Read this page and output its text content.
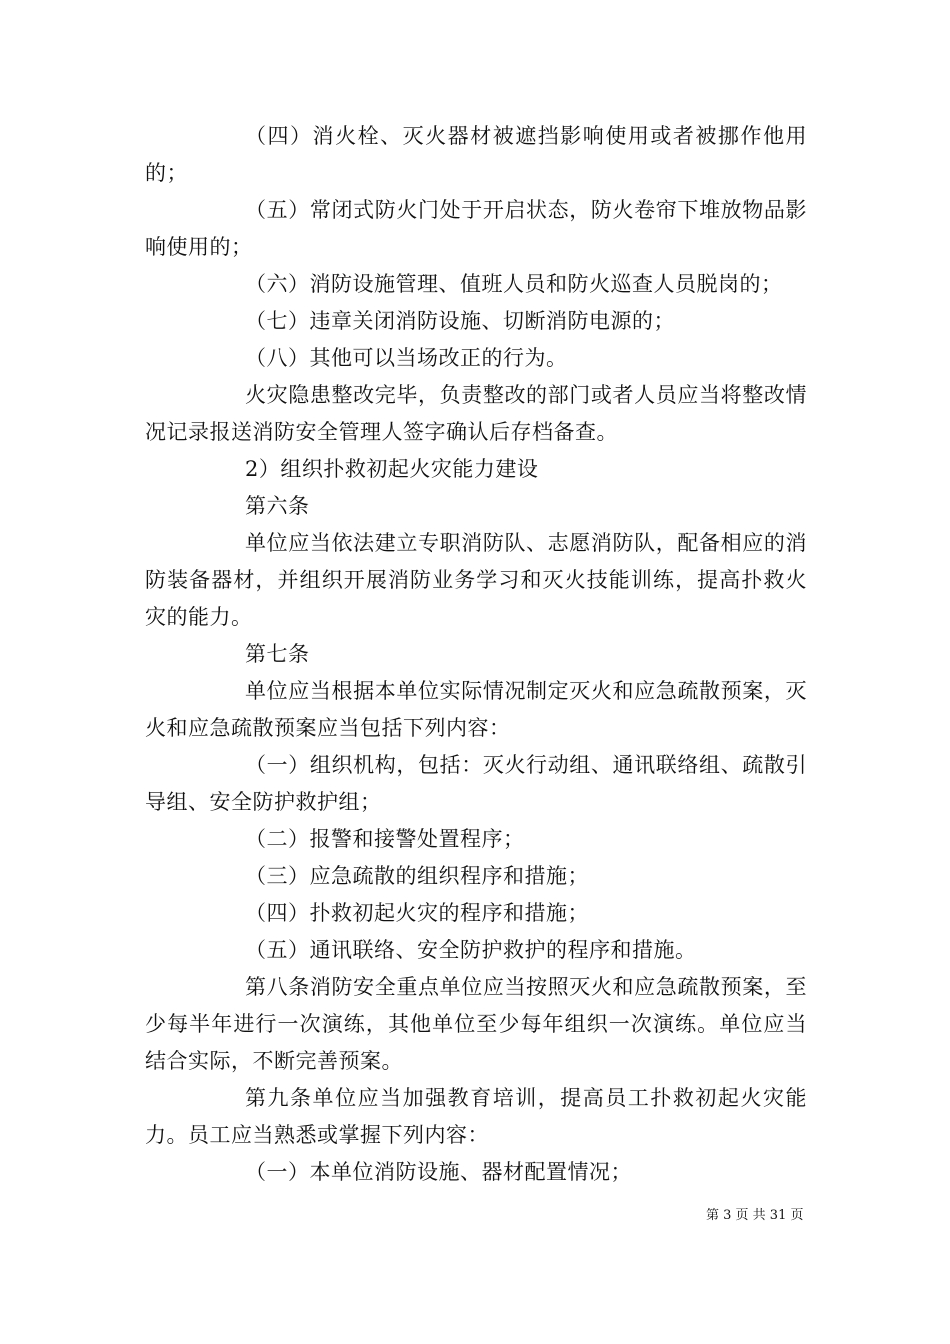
（四）消火栓、灭火器材被遮挡影响使用或者被挪作他用的；

（五）常闭式防火门处于开启状态，防火卷帘下堆放物品影响使用的；

（六）消防设施管理、值班人员和防火巡查人员脱岗的；

（七）违章关闭消防设施、切断消防电源的；

（八）其他可以当场改正的行为。

火灾隐患整改完毕，负责整改的部门或者人员应当将整改情况记录报送消防安全管理人签字确认后存档备查。

2）组织扑救初起火灾能力建设

第六条

单位应当依法建立专职消防队、志愿消防队，配备相应的消防装备器材，并组织开展消防业务学习和灭火技能训练，提高扑救火灾的能力。

第七条

单位应当根据本单位实际情况制定灭火和应急疏散预案，灭火和应急疏散预案应当包括下列内容：

（一）组织机构，包括：灭火行动组、通讯联络组、疏散引导组、安全防护救护组；

（二）报警和接警处置程序；

（三）应急疏散的组织程序和措施；

（四）扑救初起火灾的程序和措施；

（五）通讯联络、安全防护救护的程序和措施。

第八条消防安全重点单位应当按照灭火和应急疏散预案，至少每半年进行一次演练，其他单位至少每年组织一次演练。单位应当结合实际，不断完善预案。

第九条单位应当加强教育培训，提高员工扑救初起火灾能力。员工应当熟悉或掌握下列内容：

（一）本单位消防设施、器材配置情况；

第 3 页 共 31 页
